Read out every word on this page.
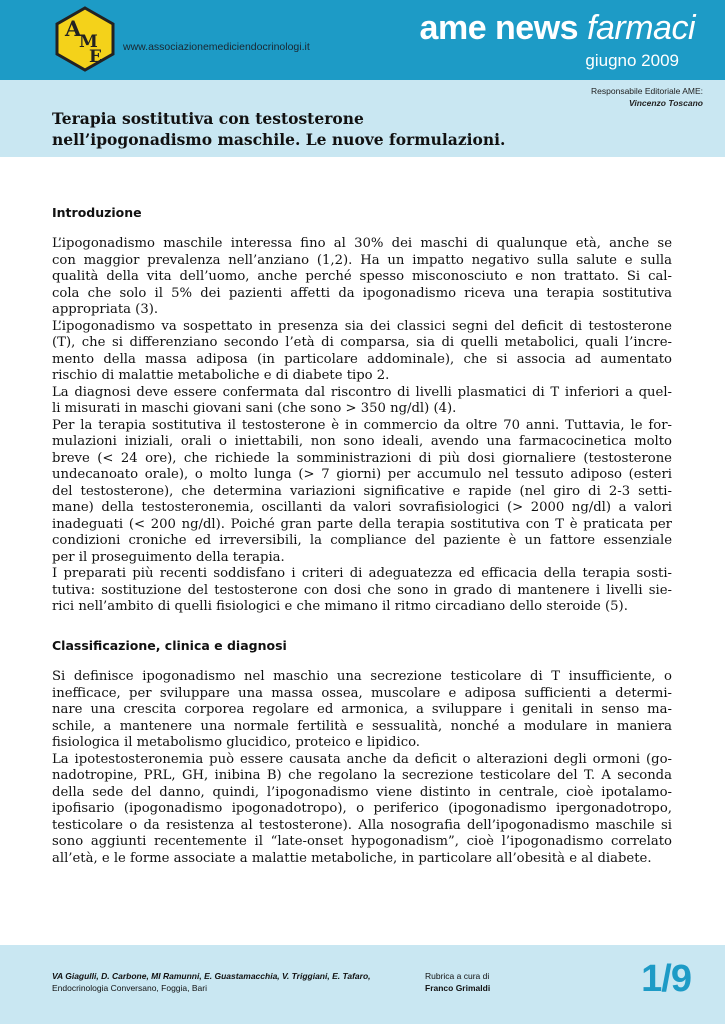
A
M
E www.associazionemediciendocrinologi.it	ame news farmaci
giugno 2009
Responsabile Editoriale AME:
Vincenzo Toscano
Terapia sostitutiva con testosterone
nell’ipogonadismo maschile. Le nuove formulazioni.
Introduzione
L’ipogonadismo maschile interessa fino al 30% dei maschi di qualunque età, anche se
con maggior prevalenza nell’anziano (1,2). Ha un impatto negativo sulla salute e sulla
qualità della vita dell’uomo, anche perché spesso misconosciuto e non trattato. Si cal-
cola che solo il 5% dei pazienti affetti da ipogonadismo riceva una terapia sostitutiva
appropriata (3).
L’ipogonadismo va sospettato in presenza sia dei classici segni del deficit di testosterone
(T), che si differenziano secondo l’età di comparsa, sia di quelli metabolici, quali l’incre-
mento della massa adiposa (in particolare addominale), che si associa ad aumentato
rischio di malattie metaboliche e di diabete tipo 2.
La diagnosi deve essere confermata dal riscontro di livelli plasmatici di T inferiori a quel-
li misurati in maschi giovani sani (che sono > 350 ng/dl) (4).
Per la terapia sostitutiva il testosterone è in commercio da oltre 70 anni. Tuttavia, le for-
mulazioni iniziali, orali o iniettabili, non sono ideali, avendo una farmacocinetica molto
breve (< 24 ore), che richiede la somministrazioni di più dosi giornaliere (testosterone
undecanoato orale), o molto lunga (> 7 giorni) per accumulo nel tessuto adiposo (esteri
del testosterone), che determina variazioni significative e rapide (nel giro di 2-3 setti-
mane) della testosteronemia, oscillanti da valori sovrafisiologici (> 2000 ng/dl) a valori
inadeguati (< 200 ng/dl). Poiché gran parte della terapia sostitutiva con T è praticata per
condizioni croniche ed irreversibili, la compliance del paziente è un fattore essenziale
per il proseguimento della terapia.
I preparati più recenti soddisfano i criteri di adeguatezza ed efficacia della terapia sosti-
tutiva: sostituzione del testosterone con dosi che sono in grado di mantenere i livelli sie-
rici nell’ambito di quelli fisiologici e che mimano il ritmo circadiano dello steroide (5).
Classificazione, clinica e diagnosi
Si definisce ipogonadismo nel maschio una secrezione testicolare di T insufficiente, o
inefficace, per sviluppare una massa ossea, muscolare e adiposa sufficienti a determi-
nare una crescita corporea regolare ed armonica, a sviluppare i genitali in senso ma-
schile, a mantenere una normale fertilità e sessualità, nonché a modulare in maniera
fisiologica il metabolismo glucidico, proteico e lipidico.
La ipotestosteronemia può essere causata anche da deficit o alterazioni degli ormoni (go-
nadotropine, PRL, GH, inibina B) che regolano la secrezione testicolare del T. A seconda
della sede del danno, quindi, l’ipogonadismo viene distinto in centrale, cioè ipotalamo-
ipofisario (ipogonadismo ipogonadotropo), o periferico (ipogonadismo ipergonadotropo,
testicolare o da resistenza al testosterone). Alla nosografia dell’ipogonadismo maschile si
sono aggiunti recentemente il “late-onset hypogonadism”, cioè l’ipogonadismo correlato
all’età, e le forme associate a malattie metaboliche, in particolare all’obesità e al diabete.
VA Giagulli, D. Carbone, MI Ramunni, E. Guastamacchia, V. Triggiani, E. Tafaro,
Endocrinologia Conversano, Foggia, Bari
Rubrica a cura di
Franco Grimaldi	1/9
